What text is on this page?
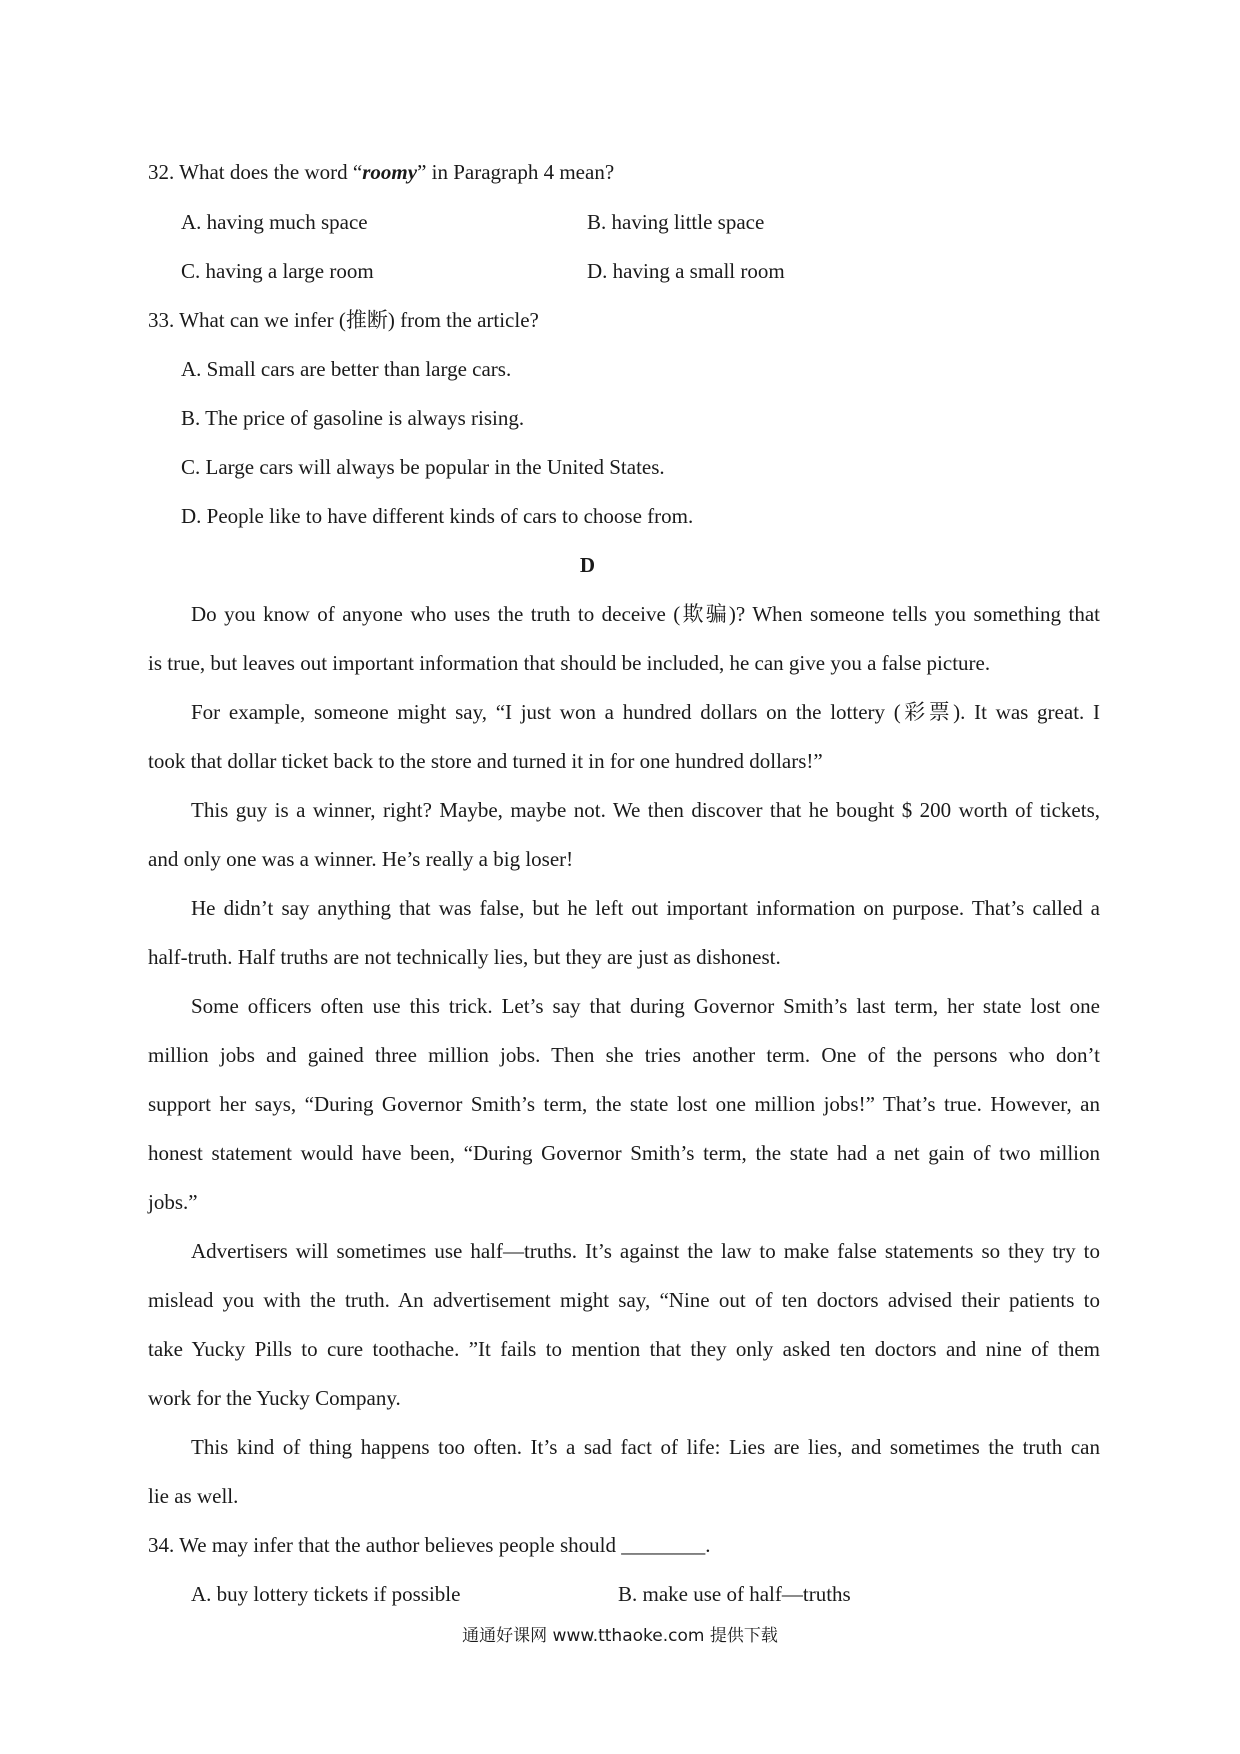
32. What does the word “roomy” in Paragraph 4 mean?
A. having much space	B. having little space
C. having a large room	D. having a small room
33. What can we infer (推断) from the article?
A. Small cars are better than large cars.
B. The price of gasoline is always rising.
C. Large cars will always be popular in the United States.
D. People like to have different kinds of cars to choose from.
D
Do you know of anyone who uses the truth to deceive (欺骗)? When someone tells you something that
is true, but leaves out important information that should be included, he can give you a false picture.
For example, someone might say, “I just won a hundred dollars on the lottery (彩票). It was great. I
took that dollar ticket back to the store and turned it in for one hundred dollars!”
This guy is a winner, right? Maybe, maybe not. We then discover that he bought $ 200 worth of tickets,
and only one was a winner. He’s really a big loser!
He didn’t say anything that was false, but he left out important information on purpose. That’s called a
half-truth. Half truths are not technically lies, but they are just as dishonest.
Some officers often use this trick. Let’s say that during Governor Smith’s last term, her state lost one
million jobs and gained three million jobs. Then she tries another term. One of the persons who don’t
support her says, “During Governor Smith’s term, the state lost one million jobs!” That’s true. However, an
honest statement would have been, “During Governor Smith’s term, the state had a net gain of two million
jobs.”
Advertisers will sometimes use half—truths. It’s against the law to make false statements so they try to
mislead you with the truth. An advertisement might say, “Nine out of ten doctors advised their patients to
take Yucky Pills to cure toothache. ”It fails to mention that they only asked ten doctors and nine of them
work for the Yucky Company.
This kind of thing happens too often. It’s a sad fact of life: Lies are lies, and sometimes the truth can
lie as well.
34. We may infer that the author believes people should ________.
A. buy lottery tickets if possible	B. make use of half—truths
通通好课网 www.tthaoke.com 提供下载
